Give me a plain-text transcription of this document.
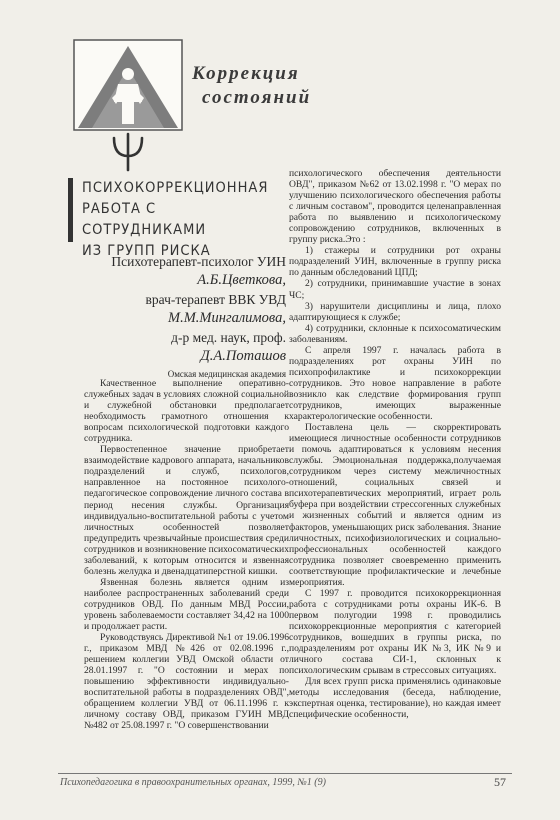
Коррекция
состояний
ПСИХОКОРРЕКЦИОННАЯ
РАБОТА С СОТРУДНИКАМИ
ИЗ ГРУПП РИСКА
Психотерапевт-психолог УИН
А.Б.Цветкова,
врач-терапевт ВВК УВД
М.М.Мингалимова,
д-р мед. наук, проф.
Д.А.Поташов
Омская медицинская академия

Качественное выполнение оперативно-служебных задач в условиях сложной социальной и служебной обстановки предполагает необходимость грамотного отношения к вопросам психологической подготовки каждого сотрудника.

Первостепенное значение приобретает взаимодействие кадрового аппарата, начальников подразделений и служб, психологов, направленное на постоянное психолого-педагогическое сопровождение личного состава в период несения службы. Организация индивидуально-воспитательной работы с учетом личностных особенностей позволяет предупредить чрезвычайные происшествия среди сотрудников и возникновение психосоматических заболеваний, к которым относится и язвенная болезнь желудка и двенадцатиперстной кишки.

Язвенная болезнь является одним из наиболее распространенных заболеваний среди сотрудников ОВД. По данным МВД России, уровень заболеваемости составляет 34,42 на 1000 и продолжает расти.

Руководствуясь Директивой №1 от 19.06.1996 г., приказом МВД №426 от 02.08.1996 г., решением коллегии УВД Омской области от 28.01.1997 г. "О состоянии и мерах по повышению эффективности индивидуально-воспитательной работы в подразделениях ОВД", обращением коллегии УВД от 06.11.1996 г. к личному составу ОВД, приказом ГУИН МВД №482 от 25.08.1997 г. "О совершенствовании

психологического обеспечения деятельности ОВД", приказом №62 от 13.02.1998 г. "О мерах по улучшению психологического обеспечения работы с личным составом", проводится целенаправленная работа по выявлению и психологическому сопровождению сотрудников, включенных в группу риска.Это :

1) стажеры и сотрудники рот охраны подразделений УИН, включенные в группу риска по данным обследований ЦПД;

2) сотрудники, принимавшие участие в зонах ЧС;

3) нарушители дисциплины и лица, плохо адаптирующиеся к службе;

4) сотрудники, склонные к психосоматическим заболеваниям.

С апреля 1997 г. началась работа в подразделениях рот охраны УИН по психопрофилактике и психокоррекции сотрудников. Это новое направление в работе возникло как следствие формирования групп сотрудников, имеющих выраженные характерологические особенности.

Поставлена цель — скорректировать имеющиеся личностные особенности сотрудников и помочь адаптироваться к условиям несения службы. Эмоциональная поддержка,получаемая сотрудником через систему межличностных отношений, социальных связей и психотерапевтических мероприятий, играет роль буфера при воздействии стрессогенных служебных и жизненных событий и является одним из факторов, уменьшающих риск заболевания. Знание личностных, психофизиологических и социально-профессиональных особенностей каждого сотрудника позволяет своевременно применить соответствующие профилактические и лечебные мероприятия.

С 1997 г. проводится психокоррекционная работа с сотрудниками роты охраны ИК-6. В первом полугодии 1998 г. проводились психокоррекционные мероприятия с категорией сотрудников, вошедших в группы риска, по подразделениям рот охраны ИК №3, ИК №9 и личного состава СИ-1, склонных к психологическим срывам в стрессовых ситуациях.

Для всех групп риска применялись одинаковые методы исследования (беседа, наблюдение, экспертная оценка, тестирование), но каждая имеет специфические особенности,

Психопедагогика в правоохранительных органах, 1999, №1 (9)	57
